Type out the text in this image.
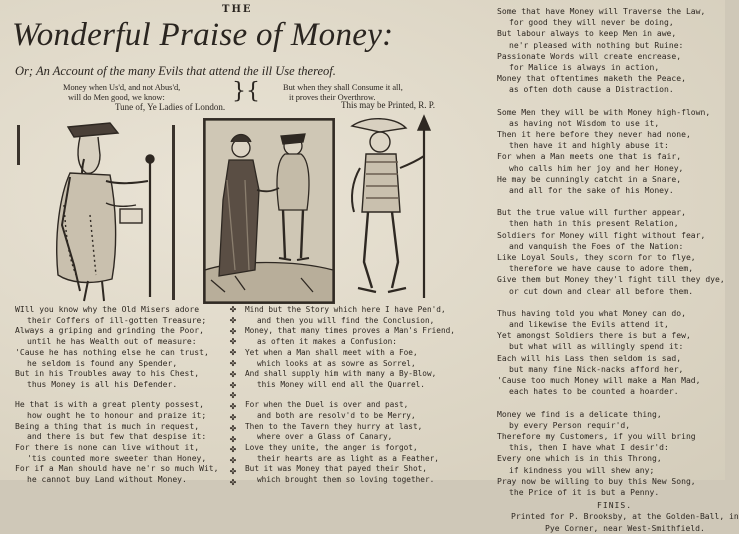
THE
Wonderful Praise of Money:
Or; An Account of the many Evils that attend the ill Use thereof.
Money when Us'd, and not Abus'd,
will do Men good, we know:	}{	But when they shall Consume it all,
it proves their Overthrow.
Tune of, Ye Ladies of London.	This may be Printed, R. P.
WIll you know why the Old Misers adore
their Coffers of ill-gotten Treasure;
Always a griping and grinding the Poor,
until he has Wealth out of measure:
'Cause he has nothing else he can trust,
he seldom is found any Spender,
But in his Troubles away to his Chest,
thus Money is all his Defender.
He that is with a great plenty possest,
how ought he to honour and praize it;
Being a thing that is much in request,
and there is but few that despise it:
For there is none can live without it,
'tis counted more sweeter than Honey,
For if a Man should have ne'r so much Wit,
he cannot buy Land without Money.
✤
✤
✤
✤
✤
✤
✤
✤
✤
✤
✤
✤
✤
✤
✤
✤
✤
Mind but the Story which here I have Pen'd,
and then you will find the Conclusion,
Money, that many times proves a Man's Friend,
as often it makes a Confusion:
Yet when a Man shall meet with a Foe,
which looks at as sowre as Sorrel,
And shall supply him with many a By-Blow,
this Money will end all the Quarrel.
For when the Duel is over and past,
and both are resolv'd to be Merry,
Then to the Tavern they hurry at last,
where over a Glass of Canary,
Love they unite, the anger is forgot,
their hearts are as light as a Feather,
But it was Money that payed their Shot,
which brought them so loving together.
Some that have Money will Traverse the Law,
for good they will never be doing,
But labour always to keep Men in awe,
ne'r pleased with nothing but Ruine:
Passionate Words will create encrease,
for Malice is always in action,
Money that oftentimes maketh the Peace,
as often doth cause a Distraction.
Some Men they will be with Money high-flown,
as having not Wisdom to use it,
Then it here before they never had none,
then have it and highly abuse it:
For when a Man meets one that is fair,
who calls him her joy and her Honey,
He may be cunningly catcht in a Snare,
and all for the sake of his Money.
But the true value will further appear,
then hath in this present Relation,
Soldiers for Money will fight without fear,
and vanquish the Foes of the Nation:
Like Loyal Souls, they scorn for to flye,
therefore we have cause to adore them,
Give them but Money they'l fight till they dye,
or cut down and clear all before them.
Thus having told you what Money can do,
and likewise the Evils attend it,
Yet amongst Soldiers there is but a few,
but what will as willingly spend it:
Each will his Lass then seldom is sad,
but many fine Nick-nacks afford her,
'Cause too much Money will make a Man Mad,
each hates to be counted a hoarder.
Money we find is a delicate thing,
by every Person requir'd,
Therefore my Customers, if you will bring
this, then I have what I desir'd:
Every one which is in this Throng,
if kindness you will shew any;
Pray now be willing to buy this New Song,
the Price of it is but a Penny.
FINIS.
Printed for P. Brooksby, at the Golden-Ball, in
Pye Corner, near West-Smithfield.
